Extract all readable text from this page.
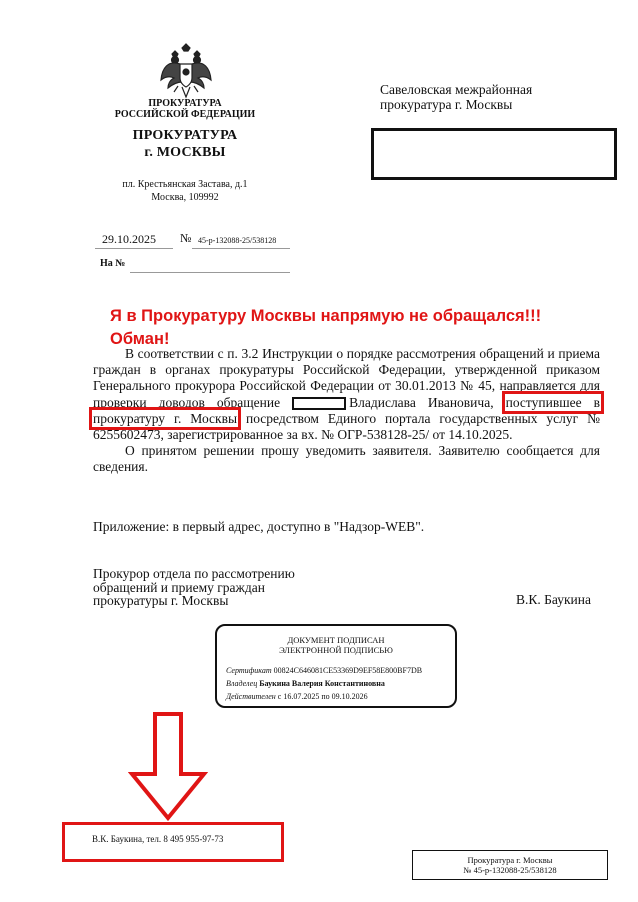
ПРОКУРАТУРА
РОССИЙСКОЙ ФЕДЕРАЦИИ
ПРОКУРАТУРА
г. МОСКВЫ
пл. Крестьянская Застава, д.1
Москва, 109992
Савеловская межрайонная
прокуратура г. Москвы
29.10.2025 № 45-р-132088-25/538128
На №
Я в Прокуратуру Москвы напрямую не обращался!!!
Обман!

В соответствии с п. 3.2 Инструкции о порядке рассмотрения обращений и приема граждан в органах прокуратуры Российской Федерации, утвержденной приказом Генерального прокурора Российской Федерации от 30.01.2013 № 45, направляется для проверки доводов обращение	Владислава Ивановича, поступившее в прокуратуру г. Москвы посредством Единого портала государственных услуг № 6255602473, зарегистрированное за вх. № ОГР-538128-25/ от 14.10.2025.

О принятом решении прошу уведомить заявителя. Заявителю сообщается для сведения.

Приложение: в первый адрес, доступно в "Надзор-WEB".
Прокурор отдела по рассмотрению
обращений и приему граждан
прокуратуры г. Москвы	В.К. Баукина
ДОКУМЕНТ ПОДПИСАН
ЭЛЕКТРОННОЙ ПОДПИСЬЮ
Сертификат 00824C646081CE53369D9EF58E800BF7DB
Владелец Баукина Валерия Константиновна
Действителен с 16.07.2025 по 09.10.2026
В.К. Баукина, тел. 8 495 955-97-73
Прокуратура г. Москвы
№ 45-р-132088-25/538128
